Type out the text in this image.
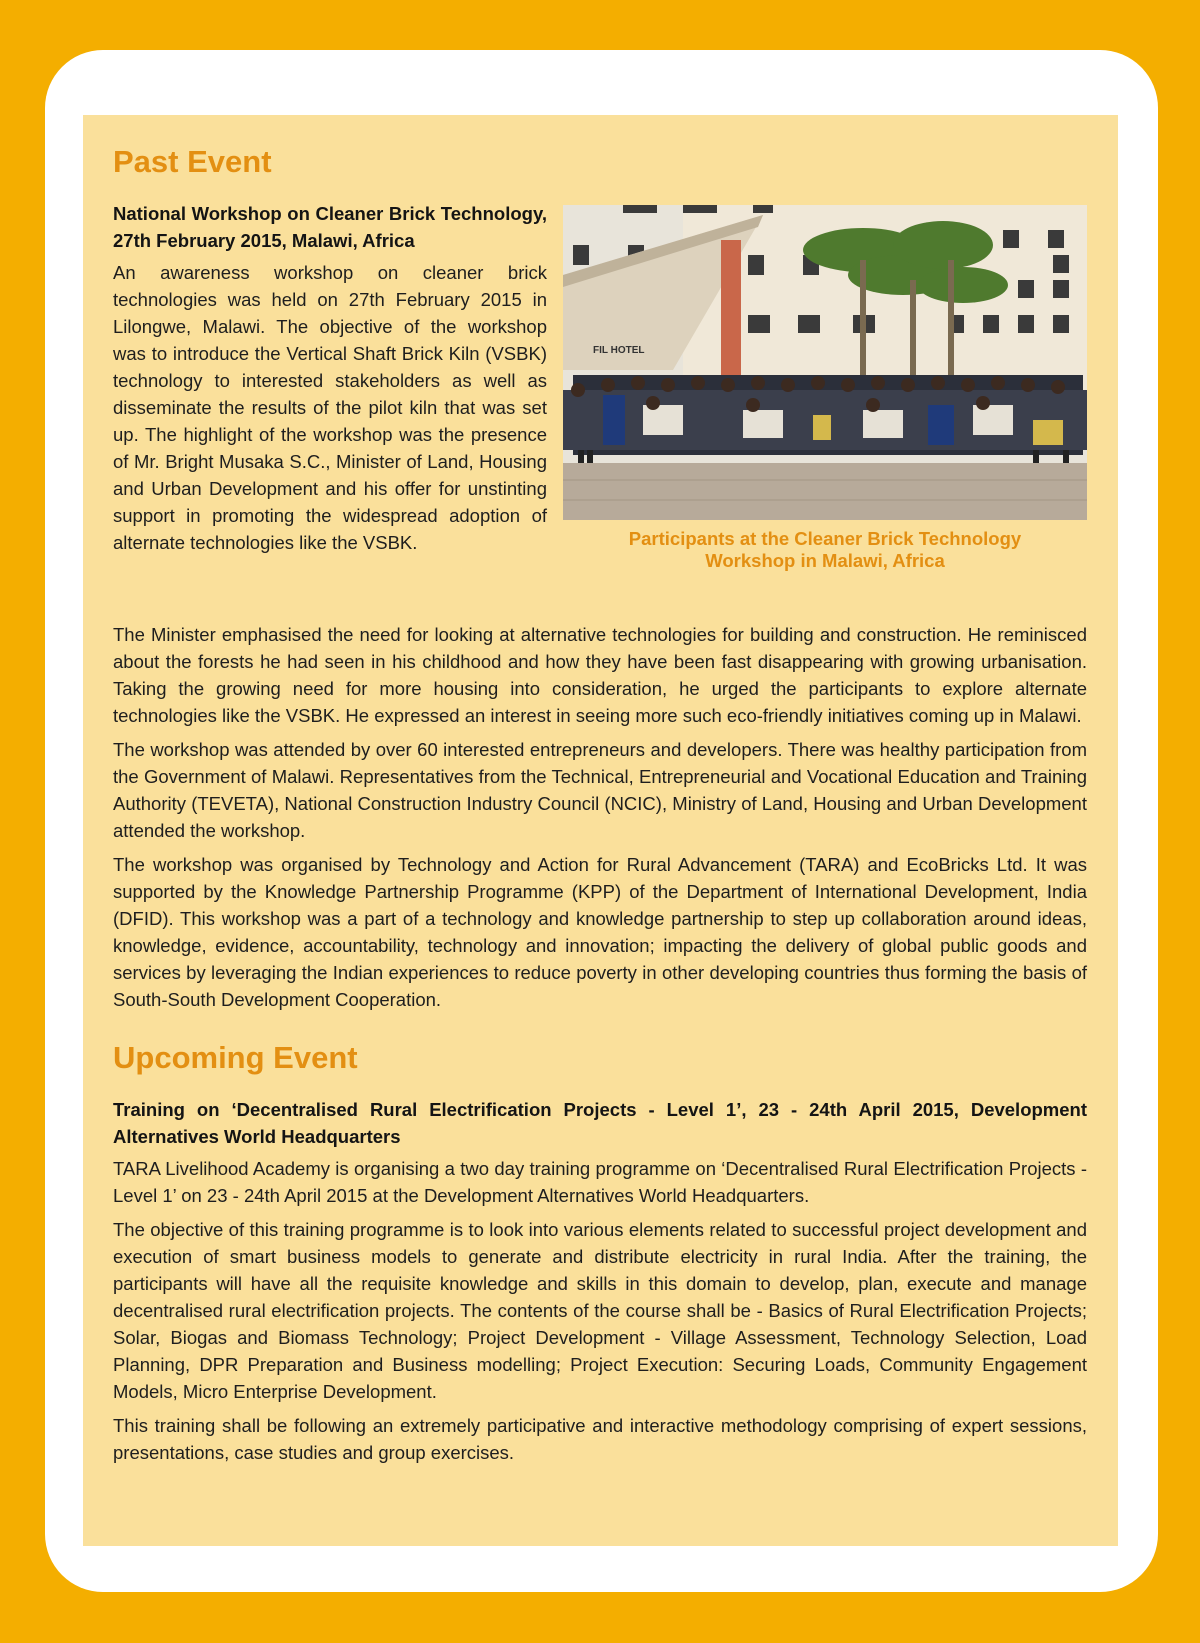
Past Event
National Workshop on Cleaner Brick Technology, 27th February 2015, Malawi, Africa
An awareness workshop on cleaner brick technologies was held on 27th February 2015 in Lilongwe, Malawi. The objective of the workshop was to introduce the Vertical Shaft Brick Kiln (VSBK) technology to interested stakeholders as well as disseminate the results of the pilot kiln that was set up. The highlight of the workshop was the presence of Mr. Bright Musaka S.C., Minister of Land, Housing and Urban Development and his offer for unstinting support in promoting the widespread adoption of alternate technologies like the VSBK.
FIL HOTEL
Participants at the Cleaner Brick Technology Workshop in Malawi, Africa
The Minister emphasised the need for looking at alternative technologies for building and construction. He reminisced about the forests he had seen in his childhood and how they have been fast disappearing with growing urbanisation. Taking the growing need for more housing into consideration, he urged the participants to explore alternate technologies like the VSBK. He expressed an interest in seeing more such eco-friendly initiatives coming up in Malawi.
The workshop was attended by over 60 interested entrepreneurs and developers. There was healthy participation from the Government of Malawi. Representatives from the Technical, Entrepreneurial and Vocational Education and Training Authority (TEVETA), National Construction Industry Council (NCIC), Ministry of Land, Housing and Urban Development attended the workshop.
The workshop was organised by Technology and Action for Rural Advancement (TARA) and EcoBricks Ltd. It was supported by the Knowledge Partnership Programme (KPP) of the Department of International Development, India (DFID). This workshop was a part of a technology and knowledge partnership to step up collaboration around ideas, knowledge, evidence, accountability, technology and innovation; impacting the delivery of global public goods and services by leveraging the Indian experiences to reduce poverty in other developing countries thus forming the basis of South-South Development Cooperation.
Upcoming Event
Training on ‘Decentralised Rural Electrification Projects - Level 1’, 23 - 24th April 2015, Development Alternatives World Headquarters
TARA Livelihood Academy is organising a two day training programme on ‘Decentralised Rural Electrification Projects - Level 1’ on 23 - 24th April 2015 at the Development Alternatives World Headquarters.
The objective of this training programme is to look into various elements related to successful project development and execution of smart business models to generate and distribute electricity in rural India. After the training, the participants will have all the requisite knowledge and skills in this domain to develop, plan, execute and manage decentralised rural electrification projects. The contents of the course shall be - Basics of Rural Electrification Projects; Solar, Biogas and Biomass Technology; Project Development - Village Assessment, Technology Selection, Load Planning, DPR Preparation and Business modelling; Project Execution: Securing Loads, Community Engagement Models, Micro Enterprise Development.
This training shall be following an extremely participative and interactive methodology comprising of expert sessions, presentations, case studies and group exercises.
